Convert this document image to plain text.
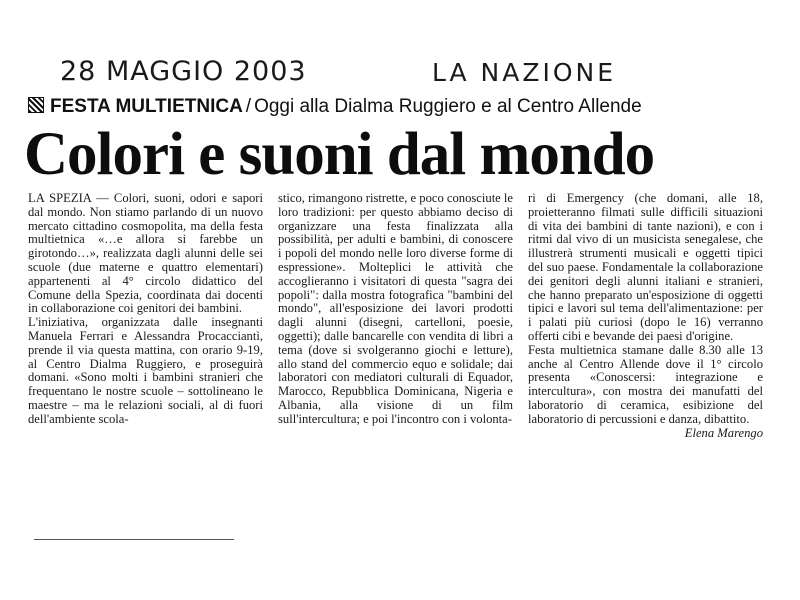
28 MAGGIO 2003	LA NAZIONE
FESTA MULTIETNICA / Oggi alla Dialma Ruggiero e al Centro Allende
Colori e suoni dal mondo

LA SPEZIA — Colori, suoni, odori e sapori dal mondo. Non stiamo parlando di un nuovo mercato cittadino cosmopolita, ma della festa multietnica «…e allora si farebbe un girotondo…», realizzata dagli alunni delle sei scuole (due materne e quattro elementari) appartenenti al 4° circolo didattico del Comune della Spezia, coordinata dai docenti in collaborazione coi genitori dei bambini.

L'iniziativa, organizzata dalle insegnanti Manuela Ferrari e Alessandra Procacciantì, prende il via questa mattina, con orario 9-19, al Centro Dialma Ruggiero, e proseguirà domani. «Sono molti i bambini stranieri che frequentano le nostre scuole – sottolineano le maestre – ma le relazioni sociali, al di fuori dell'ambiente scola-

stico, rimangono ristrette, e poco conosciute le loro tradizioni: per questo abbiamo deciso di organizzare una festa finalizzata alla possibilità, per adulti e bambini, di conoscere i popoli del mondo nelle loro diverse forme di espressione». Molteplici le attività che accoglieranno i visitatori di questa "sagra dei popoli": dalla mostra fotografica "bambini del mondo", all'esposizione dei lavori prodotti dagli alunni (disegni, cartelloni, poesie, oggetti); dalle bancarelle con vendita di libri a tema (dove si svolgeranno giochi e letture), allo stand del commercio equo e solidale; dai laboratori con mediatori culturali di Equador, Marocco, Repubblica Dominicana, Nigeria e Albania, alla visione di un film sull'intercultura; e poi l'incontro con i volonta-

ri di Emergency (che domani, alle 18, proietteranno filmati sulle difficili situazioni di vita dei bambini di tante nazioni), e con i ritmi dal vivo di un musicista senegalese, che illustrerà strumenti musicali e oggetti tipici del suo paese. Fondamentale la collaborazione dei genitori degli alunni italiani e stranieri, che hanno preparato un'esposizione di oggetti tipici e lavori sul tema dell'alimentazione: per i palati più curiosi (dopo le 16) verranno offerti cibi e bevande dei paesi d'origine.

Festa multietnica stamane dalle 8.30 alle 13 anche al Centro Allende dove il 1° circolo presenta «Conoscersi: integrazione e intercultura», con mostra dei manufatti del laboratorio di ceramica, esibizione del laboratorio di percussioni e danza, dibattito.

Elena Marengo
